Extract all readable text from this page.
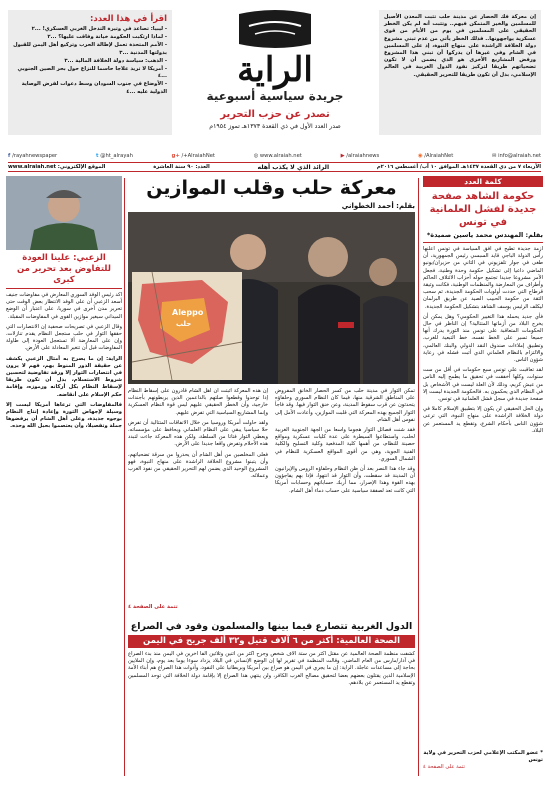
إن معركة فك الحصار عن مدينة حلب تثبت المعدن الأصيل للمسلمين والخير المتمكن فيهم.. وتثبت أنه لم يكن الخطر الحقيقي على المسلمين في يوم من الأيام من قوى عسكرية يواجهونها.. فذلك الخطر يأتي من عدم تبني مشروع دولة الخلافة الراشدة على منهاج النبوة، إذ على المسلمين في الشام وفي غيرها أن يدركوا أن تبني هذا المشروع ورفض المشاريع الأخرى هو الذي يضمن أن لا تكون تضحياتهم طريقا لتركيز نفوذ الدول الغربية في العالم الإسلامي، بدل أن تكون طريقا للتحرير الحقيقي.
الراية
جريدة سياسية أسبوعية
تصدر عن حزب التحرير
صدر العدد الأول في ذي القعدة ١٣٧٣هـ تموز ١٩٥٤م
اقرأ في هذا العدد:
- ليبيا: تصاعد في وتيرة التدخل الغربي العسكري! ...٢
- لماذا ارتكبت الحكومة خيانة وفاقت عليها؟ ...٢
- الأمم المتحدة تعمل لإطالة الحرب وتركيع أهل اليمن للقبول بدولتها المدنية ...٣
- الذهب: سياسة دولة الخلافة المالية ...٣
- أمريكا لا تريد علاجا حاسما للنزاع حول بحر الصين الجنوبي ...٤
- الأوضاع في جنوب السودان وسط دعوات لفرض الوصاية الدولية عليه ...٤
f /rayahnewspaper	t @ht_alrayah	g+ /+AlraiahNet	◎ www.alraiah.net	▶ /alraiahnews	◉ /AlraiahNet	✉ info@alraiah.net
الأربعاء ٧ من ذي القعدة ١٤٣٧هـ الموافق ١٠ آب/ أغسطس ٢٠١٦م
الرائد الذي لا يكذب أهله
العدد: ٩٠ سنة العاشرة
الموقع الإلكتروني: www.alraiah.net
كلمة العدد
حكومة الشاهد صفحة جديدة لفشل العلمانية في تونس
بقلم: المهندس محمد ياسين صميدة*

أزمة جديدة تطيح في أفق السياسة في تونس أعلنها رأس الدولة الباجي قايد السبسي رئيس الجمهورية، أن طغى في جوار تلفزيوني في الثاني من حزيران/يونيو الماضي داعيا إلى تشكيل حكومة وحدة وطنية، فجعل الأمر مشروعا جديدا تجتمع حوله أحزاب الائتلاف الحاكم وأطراف من المعارضة والمنظمات الوطنية، فكانت وثيقة قرطاج التي حددت أولويات الحكومة الجديدة، ثم سحب الثقة من حكومة الحبيب الصيد عن طريق البرلمان ليكلف الرئيس يوسف الشاهد بتشكيل الحكومة الجديدة.

فأي جديد يحمله هذا التغيير الحكومي؟ وهل يمكن أن يخرج البلاد من أزماتها المتتالية؟ إن الناظر في حال الحكومات المتعاقبة على تونس منذ الثورة يدرك أنها جميعا تسير على الخط نفسه، خط التبعية للغرب، وتطبيق إملاءات صندوق النقد الدولي والبنك العالمي، والالتزام بالنظام العلماني الذي أثبت فشله في رعاية شؤون الناس.

لقد تعاقبت على تونس سبع حكومات في أقل من ست سنوات، وكلها أخفقت في تحقيق ما يطمح إليه الناس من عيش كريم، وذلك لأن العلة ليست في الأشخاص بل في النظام الذي يحكمون به. فالحكومة الجديدة ليست إلا صفحة جديدة في سجل فشل العلمانية في تونس.

وإن الحل الحقيقي لن يكون إلا بتطبيق الإسلام كاملا في دولة الخلافة الراشدة على منهاج النبوة، التي ترعى شؤون الناس بأحكام الشرع، وتقطع يد المستعمر عن البلاد.

* عضو المكتب الإعلامي لحزب التحرير في ولاية تونس
تتمة على الصفحة ٤
معركة حلب وقلب الموازين
بقلم: أحمد الخطواني
Aleppo
حلب

تمكن الثوار في مدينة حلب من كسر الحصار الخانق المفروض على المناطق الشرقية منها، فيما كان النظام السوري وحلفاؤه يتحدثون عن قرب سقوط المدينة، وعن خنق الثوار فيها. وقد فاجأ الثوار الجميع بهذه المعركة التي قلبت الموازين، وأعادت الأمل إلى نفوس أهل الشام.

فقد شنت فصائل الثوار هجوما واسعا من الجهة الجنوبية الغربية لحلب، واستطاعوا السيطرة على عدة كليات عسكرية ومواقع حصينة للنظام، من أهمها كلية المدفعية وكلية التسليح والكلية الفنية الجوية، وهي من أقوى المواقع العسكرية للنظام في الشمال السوري.

وقد جاء هذا النصر بعد أن ظن النظام وحلفاؤه الروس والإيرانيون أن المدينة قد سقطت، وأن الثوار قد انتهوا، فإذا بهم يفاجؤون بهذه القوة وهذا الإصرار، مما أربك حساباتهم وحسابات أمريكا التي كانت تعد لصفقة سياسية على حساب دماء أهل الشام.

إن هذه المعركة أثبتت أن أهل الشام قادرون على إسقاط النظام إذا توحدوا وقطعوا صلتهم بالداعمين الذين يربطونهم بأجندات خارجية، وأن الخطر الحقيقي عليهم ليس قوة النظام العسكرية وإنما المشاريع السياسية التي تفرض عليهم.

ولقد حاولت أمريكا وروسيا من خلال الاتفاقات المتتالية أن تفرض حلا سياسيا يبقي على النظام العلماني ويحافظ على مؤسساته، ويعطي الثوار فتاتا من السلطة، ولكن هذه المعركة جاءت لتبدد هذه الأحلام وتفرض واقعا جديدا على الأرض.

فعلى المخلصين من أهل الشام أن يحذروا من سرقة تضحياتهم، وأن يتبنوا مشروع الخلافة الراشدة على منهاج النبوة، فهو المشروع الوحيد الذي يضمن لهم التحرير الحقيقي من نفوذ الغرب وعملائه.

تتمة على الصفحة ٤
الزعبي: علينا العودة للتفاوض بعد تحرير من كبرى

أكد رئيس الوفد السوري المعارض في مفاوضات جنيف أسعد الزعبي أن على الوفد الانتظار بعض الوقت حتى تحرير مدن أخرى في سوريا، على اعتبار أن الوضع الميداني سيغير موازين القوى في المفاوضات المقبلة.

وقال الزعبي في تصريحات صحفية إن الانتصارات التي حققها الثوار في حلب ستجعل النظام يقدم تنازلات، وإن على المعارضة ألا تستعجل العودة إلى طاولة المفاوضات قبل أن تتغير المعادلة على الأرض.

الراية: إن ما يصرح به أمثال الزعبي يكشف عن حقيقة الدور المنوط بهم، فهم لا يرون في انتصارات الثوار إلا ورقة تفاوضية لتحسين شروط الاستسلام، بدل أن تكون طريقا لإسقاط النظام بكل أركانه ورموزه، وإقامة حكم الإسلام على أنقاضه.

فالمفاوضات التي ترعاها أمريكا ليست إلا وسيلة لإجهاض الثورة وإعادة إنتاج النظام بوجوه جديدة، وعلى أهل الشام أن يرفضوها جملة وتفصيلا، وأن يعتصموا بحبل الله وحده.

الدول الغربية تتصارع فيما بينها والمسلمون وقود في الصراع
الصحة العالمية: أكثر من ٦ آلاف قتيل و٣٢ ألف جريح في اليمن
كشفت منظمة الصحة العالمية عن مقتل أكثر من ستة آلاف شخص وجرح أكثر من اثنين وثلاثين ألفا آخرين في اليمن منذ بدء الصراع في آذار/مارس من العام الماضي. وقالت المنظمة في تقرير لها إن الوضع الإنساني في البلاد يزداد سوءا يوما بعد يوم، وإن الملايين بحاجة إلى مساعدات عاجلة. الراية: إن ما يجري في اليمن هو صراع بين أمريكا وبريطانيا على النفوذ، وأدوات هذا الصراع هم أبناء الأمة الإسلامية الذين يقتلون بعضهم بعضا لتحقيق مصالح الغرب الكافر، ولن ينتهي هذا الصراع إلا بإقامة دولة الخلافة التي توحد المسلمين وتقطع يد المستعمر عن بلادهم.
